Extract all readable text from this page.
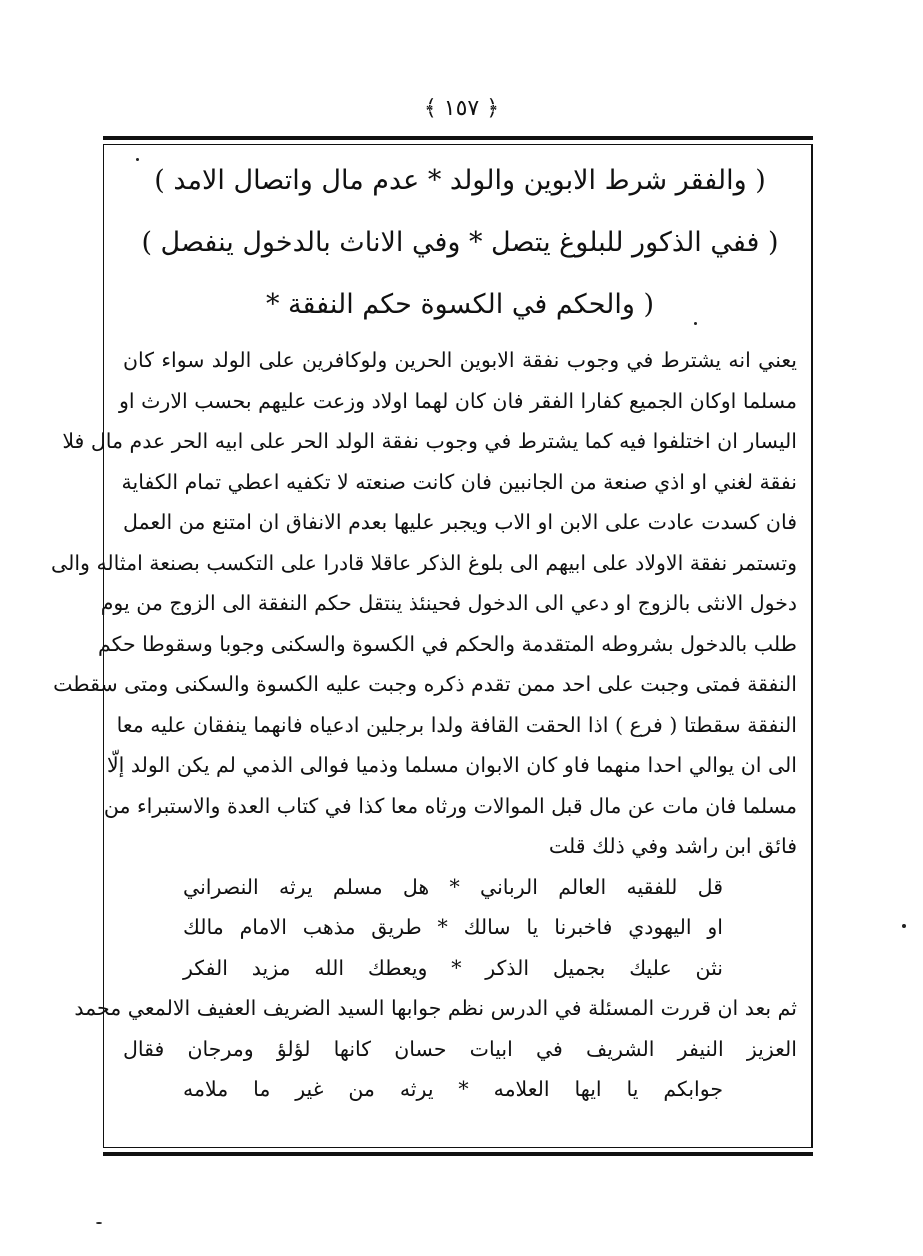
﴿ ١٥٧ ﴾
( والفقر شرط الابوين والولد * عدم مال واتصال الامد )
( ففي الذكور للبلوغ يتصل * وفي الاناث بالدخول ينفصل )
( والحكم في الكسوة حكم النفقة *
يعني انه يشترط في وجوب نفقة الابوين الحرين ولوكافرين على الولد سواء كان
مسلما اوكان الجميع كفارا الفقر فان كان لهما اولاد وزعت عليهم بحسب الارث او
اليسار ان اختلفوا فيه كما يشترط في وجوب نفقة الولد الحر على ابيه الحر عدم مال فلا
نفقة لغني او اذي صنعة من الجانبين فان كانت صنعته لا تكفيه اعطي تمام الكفاية
فان كسدت عادت على الابن او الاب ويجبر عليها بعدم الانفاق ان امتنع من العمل
وتستمر نفقة الاولاد على ابيهم الى بلوغ الذكر عاقلا قادرا على التكسب بصنعة امثاله والى
دخول الانثى بالزوج او دعي الى الدخول فحينئذ ينتقل حكم النفقة الى الزوج من يوم
طلب بالدخول بشروطه المتقدمة والحكم في الكسوة والسكنى وجوبا وسقوطا حكم
النفقة فمتى وجبت على احد ممن تقدم ذكره وجبت عليه الكسوة والسكنى ومتى سقطت
النفقة سقطتا ( فرع ) اذا الحقت القافة ولدا برجلين ادعياه فانهما ينفقان عليه معا
الى ان يوالي احدا منهما فاو كان الابوان مسلما وذميا فوالى الذمي لم يكن الولد إلّا
مسلما فان مات عن مال قبل الموالات ورثاه معا كذا في كتاب العدة والاستبراء من
فائق ابن راشد وفي ذلك قلت
قل للفقيه العالم الرباني * هل مسلم يرثه النصراني
او اليهودي فاخبرنا يا سالك * طريق مذهب الامام مالك
نثن عليك بجميل الذكر * ويعطك الله مزيد الفكر
ثم بعد ان قررت المسئلة في الدرس نظم جوابها السيد الضريف العفيف الالمعي محمد
العزيز النيفر الشريف في ابيات حسان كانها لؤلؤ ومرجان فقال
جوابكم يا ايها العلامه * يرثه من غير ما ملامه
